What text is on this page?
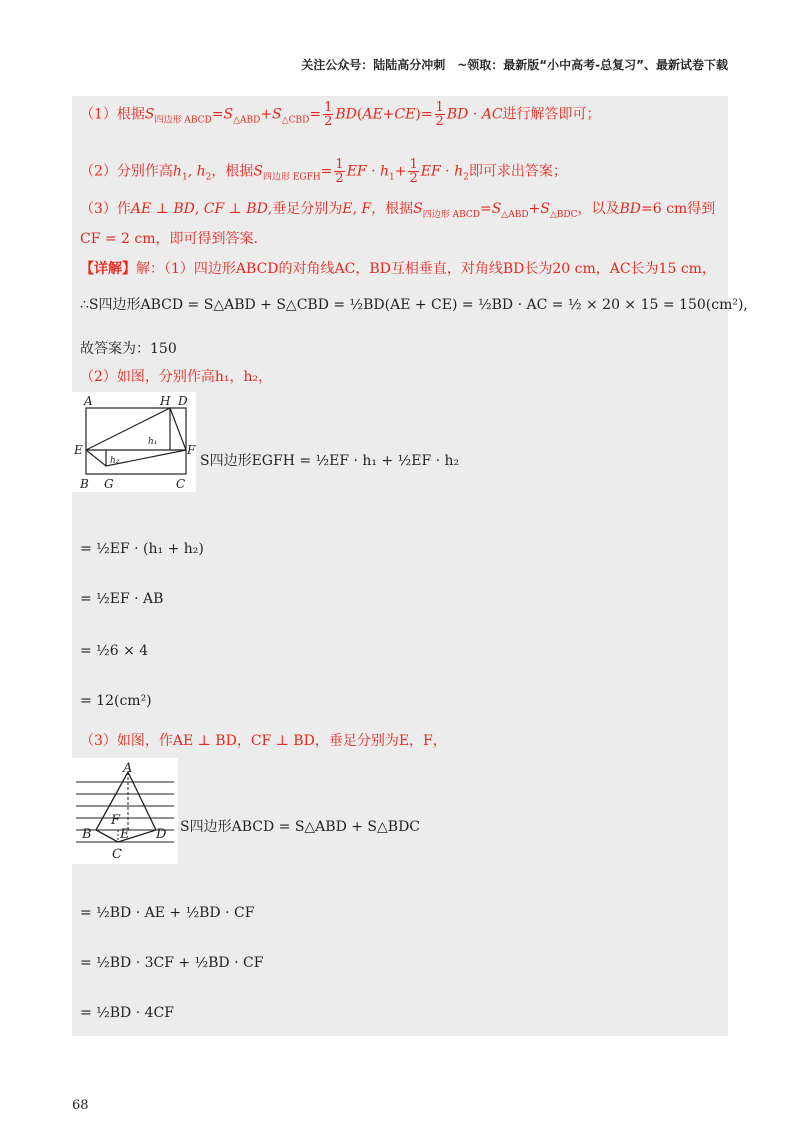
关注公众号：陆陆高分冲刺　~领取：最新版“小中高考-总复习”、最新试卷下载
（1）根据$S_{四边形 ABCD}=S_{\triangle ABD}+S_{\triangle CBD}= \frac{1}{2} BD(AE+CE)= \frac{1}{2}$ BD · AC进行解答即可；
（2）分别作高$h_1$, $h_2$，根据$S_{四边形 EGFH}= \frac{1}{2}$ EF · $h_1+ \frac{1}{2}$ EF · $h_2$即可求出答案；
（3）作AE ⊥ BD, CF ⊥ BD,垂足分别为E, F，根据$S_{四边形 ABCD}=S_{\triangle ABD}+S_{\triangle BDC}$，以及BD=6 cm得到
CF = 2 cm，即可得到答案.
【详解】解：（1）四边形ABCD的对角线AC，BD互相垂直，对角线BD长为20 cm，AC长为15 cm，
∴S四边形ABCD = S△ABD + S△CBD = ½BD(AE + CE) = ½BD · AC = ½ × 20 × 15 = 150(cm²),
故答案为：150
（2）如图，分别作高h₁，h₂，
A	H D
E	F
B G	C
h₁
h₂	S四边形EGFH = ½EF · h₁ + ½EF · h₂
= ½EF · (h₁ + h₂)
= ½EF · AB
= ½6 × 4
= 12(cm²)
（3）如图，作AE ⊥ BD，CF ⊥ BD，垂足分别为E，F，
A
F
E
B	D
C
S四边形ABCD = S△ABD + S△BDC
= ½BD · AE + ½BD · CF
= ½BD · 3CF + ½BD · CF
= ½BD · 4CF
68
